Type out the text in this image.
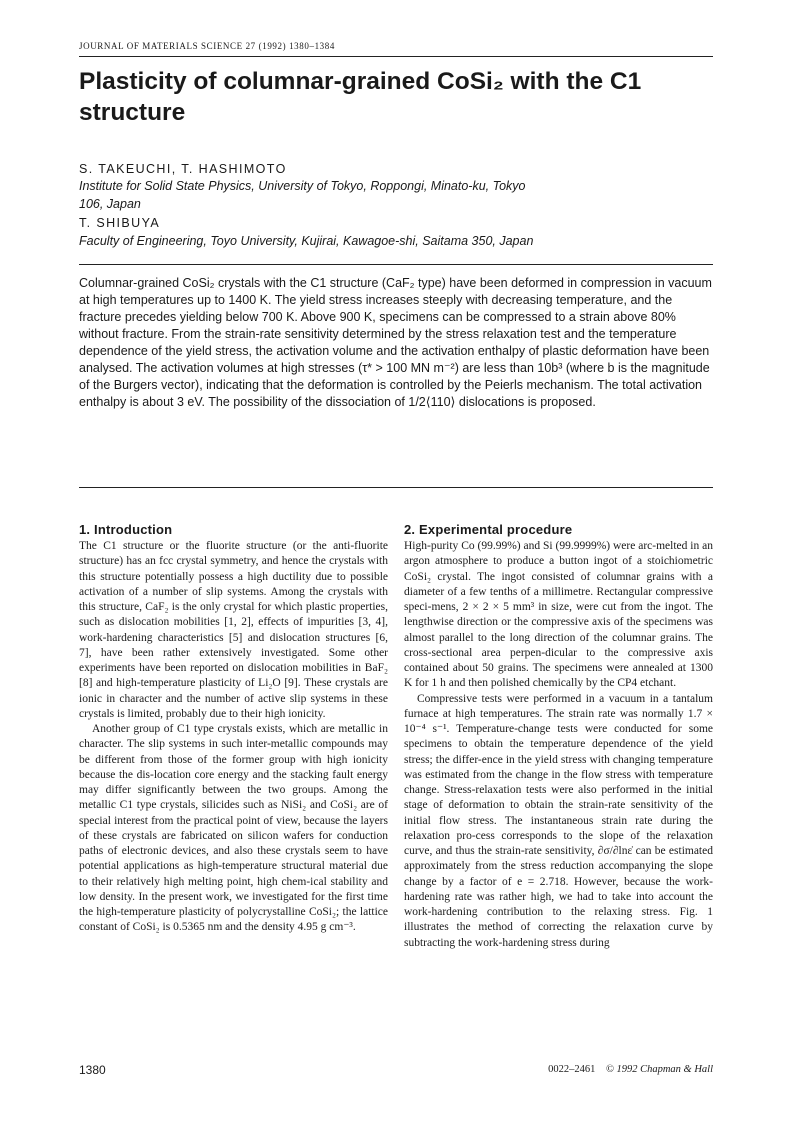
JOURNAL OF MATERIALS SCIENCE 27 (1992) 1380–1384
Plasticity of columnar-grained CoSi₂ with the C1 structure

S. TAKEUCHI, T. HASHIMOTO

Institute for Solid State Physics, University of Tokyo, Roppongi, Minato-ku, Tokyo 106, Japan

T. SHIBUYA

Faculty of Engineering, Toyo University, Kujirai, Kawagoe-shi, Saitama 350, Japan

Columnar-grained CoSi₂ crystals with the C1 structure (CaF₂ type) have been deformed in compression in vacuum at high temperatures up to 1400 K. The yield stress increases steeply with decreasing temperature, and the fracture precedes yielding below 700 K. Above 900 K, specimens can be compressed to a strain above 80% without fracture. From the strain-rate sensitivity determined by the stress relaxation test and the temperature dependence of the yield stress, the activation volume and the activation enthalpy of plastic deformation have been analysed. The activation volumes at high stresses (τ* > 100 MN m⁻²) are less than 10b³ (where b is the magnitude of the Burgers vector), indicating that the deformation is controlled by the Peierls mechanism. The total activation enthalpy is about 3 eV. The possibility of the dissociation of 1/2⟨110⟩ dislocations is proposed.

1. Introduction

The C1 structure or the fluorite structure (or the anti-fluorite structure) has an fcc crystal symmetry, and hence the crystals with this structure potentially possess a high ductility due to possible activation of a number of slip systems. Among the crystals with this structure, CaF₂ is the only crystal for which plastic properties, such as dislocation mobilities [1, 2], effects of impurities [3, 4], work-hardening characteristics [5] and dislocation structures [6, 7], have been rather extensively investigated. Some other experiments have been reported on dislocation mobilities in BaF₂ [8] and high-temperature plasticity of Li₂O [9]. These crystals are ionic in character and the number of active slip systems in these crystals is limited, probably due to their high ionicity.

Another group of C1 type crystals exists, which are metallic in character. The slip systems in such inter-metallic compounds may be different from those of the former group with high ionicity because the dis-location core energy and the stacking fault energy may differ significantly between the two groups. Among the metallic C1 type crystals, silicides such as NiSi₂ and CoSi₂ are of special interest from the practical point of view, because the layers of these crystals are fabricated on silicon wafers for conduction paths of electronic devices, and also these crystals seem to have potential applications as high-temperature structural material due to their relatively high melting point, high chem-ical stability and low density. In the present work, we investigated for the first time the high-temperature plasticity of polycrystalline CoSi₂; the lattice constant of CoSi₂ is 0.5365 nm and the density 4.95 g cm⁻³.

2. Experimental procedure

High-purity Co (99.99%) and Si (99.9999%) were arc-melted in an argon atmosphere to produce a button ingot of a stoichiometric CoSi₂ crystal. The ingot consisted of columnar grains with a diameter of a few tenths of a millimetre. Rectangular compressive speci-mens, 2 × 2 × 5 mm³ in size, were cut from the ingot. The lengthwise direction or the compressive axis of the specimens was almost parallel to the long direction of the columnar grains. The cross-sectional area perpen-dicular to the compressive axis contained about 50 grains. The specimens were annealed at 1300 K for 1 h and then polished chemically by the CP4 etchant.

Compressive tests were performed in a vacuum in a tantalum furnace at high temperatures. The strain rate was normally 1.7 × 10⁻⁴ s⁻¹. Temperature-change tests were conducted for some specimens to obtain the temperature dependence of the yield stress; the differ-ence in the yield stress with changing temperature was estimated from the change in the flow stress with temperature change. Stress-relaxation tests were also performed in the initial stage of deformation to obtain the strain-rate sensitivity of the initial flow stress. The instantaneous strain rate during the relaxation pro-cess corresponds to the slope of the relaxation curve, and thus the strain-rate sensitivity, ∂σ/∂lnε̇ can be estimated approximately from the stress reduction accompanying the slope change by a factor of e = 2.718. However, because the work-hardening rate was rather high, we had to take into account the work-hardening contribution to the relaxing stress. Fig. 1 illustrates the method of correcting the relaxation curve by subtracting the work-hardening stress during

1380	0022–2461 © 1992 Chapman & Hall
